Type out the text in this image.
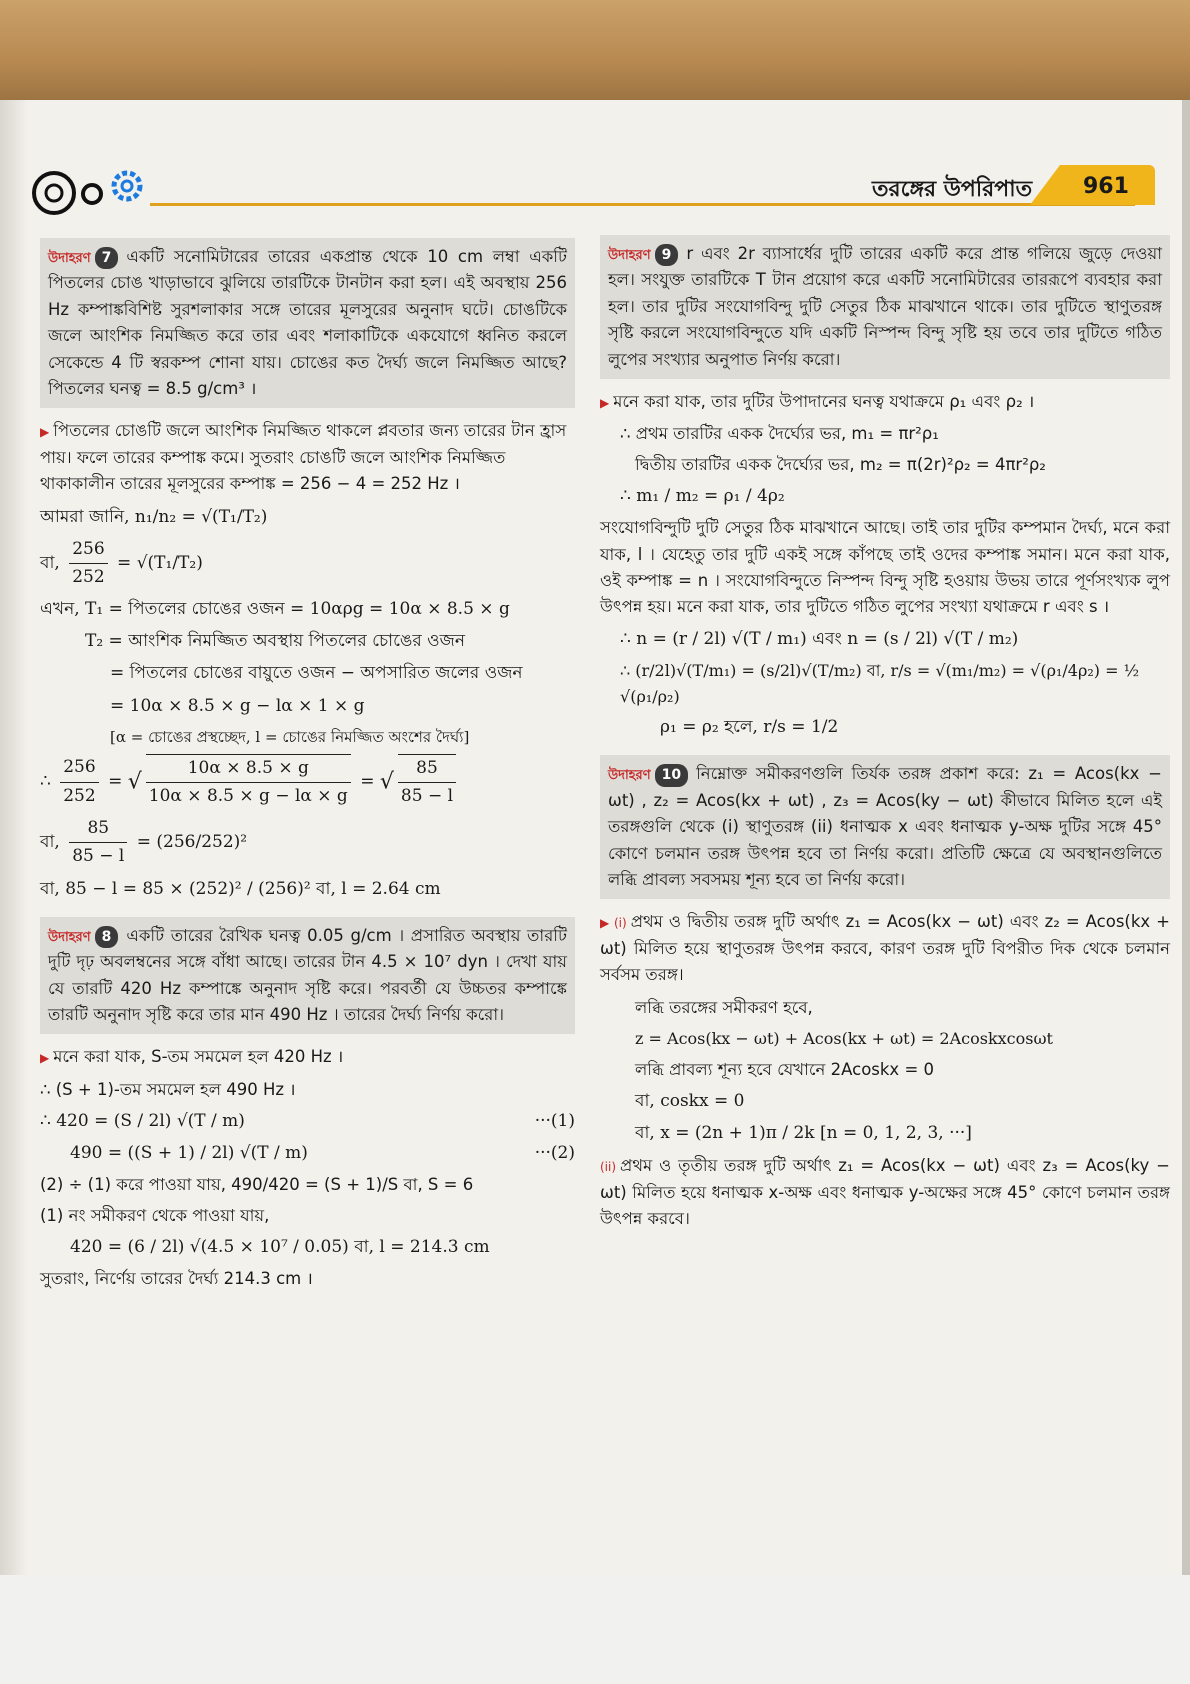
তরঙ্গের উপরিপাত 961
উদাহরণ 7 একটি সনোমিটারের তারের একপ্রান্ত থেকে 10 cm লম্বা একটি পিতলের চোঙ খাড়াভাবে ঝুলিয়ে তারটিকে টানটান করা হল। এই অবস্থায় 256 Hz কম্পাঙ্কবিশিষ্ট সুরশলাকার সঙ্গে তারের মূলসুরের অনুনাদ ঘটে। চোঙটিকে জলে আংশিক নিমজ্জিত করে তার এবং শলাকাটিকে একযোগে ধ্বনিত করলে সেকেন্ডে 4 টি স্বরকম্প শোনা যায়। চোঙের কত দৈর্ঘ্য জলে নিমজ্জিত আছে? পিতলের ঘনত্ব = 8.5 g/cm³ ।

▶ পিতলের চোঙটি জলে আংশিক নিমজ্জিত থাকলে প্লবতার জন্য তারের টান হ্রাস পায়। ফলে তারের কম্পাঙ্ক কমে। সুতরাং চোঙটি জলে আংশিক নিমজ্জিত থাকাকালীন তারের মূলসুরের কম্পাঙ্ক = 256 − 4 = 252 Hz ।

আমরা জানি, n₁/n₂ = √(T₁/T₂)

বা, $\frac{256}{252} = √(T_1/T_2)$

এখন, T₁ = পিতলের চোঙের ওজন = 10αρg = 10α × 8.5 × g

T₂ = আংশিক নিমজ্জিত অবস্থায় পিতলের চোঙের ওজন

= পিতলের চোঙের বায়ুতে ওজন − অপসারিত জলের ওজন

= 10α × 8.5 × g − lα × 1 × g

[α = চোঙের প্রস্থচ্ছেদ, l = চোঙের নিমজ্জিত অংশের দৈর্ঘ্য]

∴ $\frac{256}{252}$ = √ $\frac{10\alpha \times 8.5 \times g}{10\alpha \times 8.5 \times g - l\alpha \times g}$ = √ $\frac{85}{85 - l}$

বা, $\frac{85}{85 - l} = (256/252)^2$

বা, 85 − l = 85 × (252)² / (256)² বা, l = 2.64 cm

উদাহরণ 8 একটি তারের রৈখিক ঘনত্ব 0.05 g/cm । প্রসারিত অবস্থায় তারটি দুটি দৃঢ় অবলম্বনের সঙ্গে বাঁধা আছে। তারের টান 4.5 × 10⁷ dyn । দেখা যায় যে তারটি 420 Hz কম্পাঙ্কে অনুনাদ সৃষ্টি করে। পরবর্তী যে উচ্চতর কম্পাঙ্কে তারটি অনুনাদ সৃষ্টি করে তার মান 490 Hz । তারের দৈর্ঘ্য নির্ণয় করো।

▶ মনে করা যাক, S-তম সমমেল হল 420 Hz ।

∴ (S + 1)-তম সমমেল হল 490 Hz ।

∴ 420 = (S / 2l) √(T / m)	···(1)

490 = ((S + 1) / 2l) √(T / m)	···(2)

(2) ÷ (1) করে পাওয়া যায়, 490/420 = (S + 1)/S বা, S = 6

(1) নং সমীকরণ থেকে পাওয়া যায়,

420 = (6 / 2l) √(4.5 × 10⁷ / 0.05) বা, l = 214.3 cm

সুতরাং, নির্ণেয় তারের দৈর্ঘ্য 214.3 cm ।

উদাহরণ 9 r এবং 2r ব্যাসার্ধের দুটি তারের একটি করে প্রান্ত গলিয়ে জুড়ে দেওয়া হল। সংযুক্ত তারটিকে T টান প্রয়োগ করে একটি সনোমিটারের তাররূপে ব্যবহার করা হল। তার দুটির সংযোগবিন্দু দুটি সেতুর ঠিক মাঝখানে থাকে। তার দুটিতে স্থাণুতরঙ্গ সৃষ্টি করলে সংযোগবিন্দুতে যদি একটি নিস্পন্দ বিন্দু সৃষ্টি হয় তবে তার দুটিতে গঠিত লুপের সংখ্যার অনুপাত নির্ণয় করো।

▶ মনে করা যাক, তার দুটির উপাদানের ঘনত্ব যথাক্রমে ρ₁ এবং ρ₂ ।

∴ প্রথম তারটির একক দৈর্ঘ্যের ভর, m₁ = πr²ρ₁

দ্বিতীয় তারটির একক দৈর্ঘ্যের ভর, m₂ = π(2r)²ρ₂ = 4πr²ρ₂

∴ m₁ / m₂ = ρ₁ / 4ρ₂

সংযোগবিন্দুটি দুটি সেতুর ঠিক মাঝখানে আছে। তাই তার দুটির কম্পমান দৈর্ঘ্য, মনে করা যাক, l । যেহেতু তার দুটি একই সঙ্গে কাঁপছে তাই ওদের কম্পাঙ্ক সমান। মনে করা যাক, ওই কম্পাঙ্ক = n । সংযোগবিন্দুতে নিস্পন্দ বিন্দু সৃষ্টি হওয়ায় উভয় তারে পূর্ণসংখ্যক লুপ উৎপন্ন হয়। মনে করা যাক, তার দুটিতে গঠিত লুপের সংখ্যা যথাক্রমে r এবং s ।

∴ n = (r / 2l) √(T / m₁) এবং n = (s / 2l) √(T / m₂)

∴ (r/2l)√(T/m₁) = (s/2l)√(T/m₂) বা, r/s = √(m₁/m₂) = √(ρ₁/4ρ₂) = ½ √(ρ₁/ρ₂)

ρ₁ = ρ₂ হলে, r/s = 1/2

উদাহরণ 10 নিম্নোক্ত সমীকরণগুলি তির্যক তরঙ্গ প্রকাশ করে: z₁ = Acos(kx − ωt) , z₂ = Acos(kx + ωt) , z₃ = Acos(ky − ωt) কীভাবে মিলিত হলে এই তরঙ্গগুলি থেকে (i) স্থাণুতরঙ্গ (ii) ধনাত্মক x এবং ধনাত্মক y-অক্ষ দুটির সঙ্গে 45° কোণে চলমান তরঙ্গ উৎপন্ন হবে তা নির্ণয় করো। প্রতিটি ক্ষেত্রে যে অবস্থানগুলিতে লব্ধি প্রাবল্য সবসময় শূন্য হবে তা নির্ণয় করো।

▶ (i) প্রথম ও দ্বিতীয় তরঙ্গ দুটি অর্থাৎ z₁ = Acos(kx − ωt) এবং z₂ = Acos(kx + ωt) মিলিত হয়ে স্থাণুতরঙ্গ উৎপন্ন করবে, কারণ তরঙ্গ দুটি বিপরীত দিক থেকে চলমান সর্বসম তরঙ্গ।

লব্ধি তরঙ্গের সমীকরণ হবে,

z = Acos(kx − ωt) + Acos(kx + ωt) = 2Acoskxcosωt

লব্ধি প্রাবল্য শূন্য হবে যেখানে 2Acoskx = 0

বা, coskx = 0

বা, x = (2n + 1)π / 2k [n = 0, 1, 2, 3, ···]

(ii) প্রথম ও তৃতীয় তরঙ্গ দুটি অর্থাৎ z₁ = Acos(kx − ωt) এবং z₃ = Acos(ky − ωt) মিলিত হয়ে ধনাত্মক x-অক্ষ এবং ধনাত্মক y-অক্ষের সঙ্গে 45° কোণে চলমান তরঙ্গ উৎপন্ন করবে।
